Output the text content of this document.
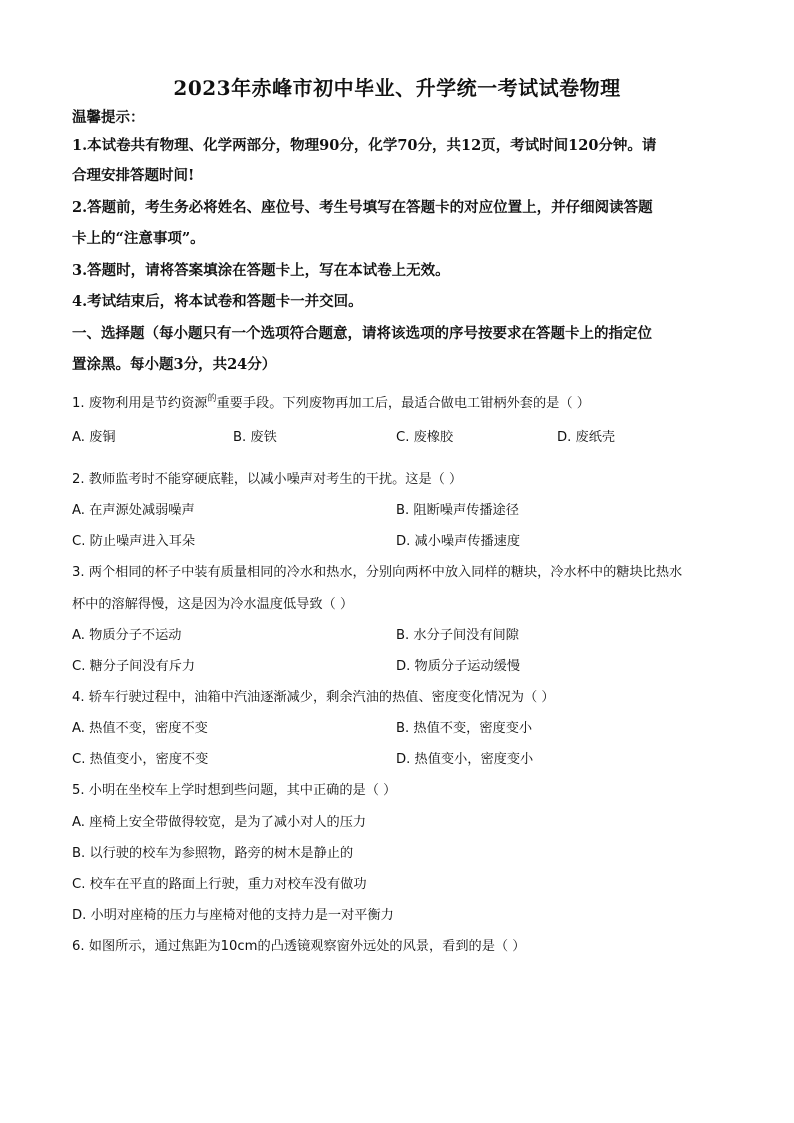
2023年赤峰市初中毕业、升学统一考试试卷物理
温馨提示：
1.本试卷共有物理、化学两部分，物理90分，化学70分，共12页，考试时间120分钟。请
合理安排答题时间!
2.答题前，考生务必将姓名、座位号、考生号填写在答题卡的对应位置上，并仔细阅读答题
卡上的“注意事项”。
3.答题时，请将答案填涂在答题卡上，写在本试卷上无效。
4.考试结束后，将本试卷和答题卡一并交回。
一、选择题（每小题只有一个选项符合题意，请将该选项的序号按要求在答题卡上的指定位
置涂黑。每小题3分，共24分）
1. 废物利用是节约资源$^的$重要手段。下列废物再加工后，最适合做电工钳柄外套的是（ ）
A. 废铜	B. 废铁	C. 废橡胶	D. 废纸壳
2. 教师监考时不能穿硬底鞋，以减小噪声对考生的干扰。这是（ ）
A. 在声源处减弱噪声	B. 阻断噪声传播途径
C. 防止噪声进入耳朵	D. 减小噪声传播速度
3. 两个相同的杯子中装有质量相同的冷水和热水，分别向两杯中放入同样的糖块，冷水杯中的糖块比热水
杯中的溶解得慢，这是因为冷水温度低导致（ ）
A. 物质分子不运动	B. 水分子间没有间隙
C. 糖分子间没有斥力	D. 物质分子运动缓慢
4. 轿车行驶过程中，油箱中汽油逐渐减少，剩余汽油的热值、密度变化情况为（ ）
A. 热值不变，密度不变	B. 热值不变，密度变小
C. 热值变小，密度不变	D. 热值变小，密度变小
5. 小明在坐校车上学时想到些问题，其中正确的是（ ）
A. 座椅上安全带做得较宽，是为了减小对人的压力
B. 以行驶的校车为参照物，路旁的树木是静止的
C. 校车在平直的路面上行驶，重力对校车没有做功
D. 小明对座椅的压力与座椅对他的支持力是一对平衡力
6. 如图所示，通过焦距为10cm的凸透镜观察窗外远处的风景，看到的是（ ）
